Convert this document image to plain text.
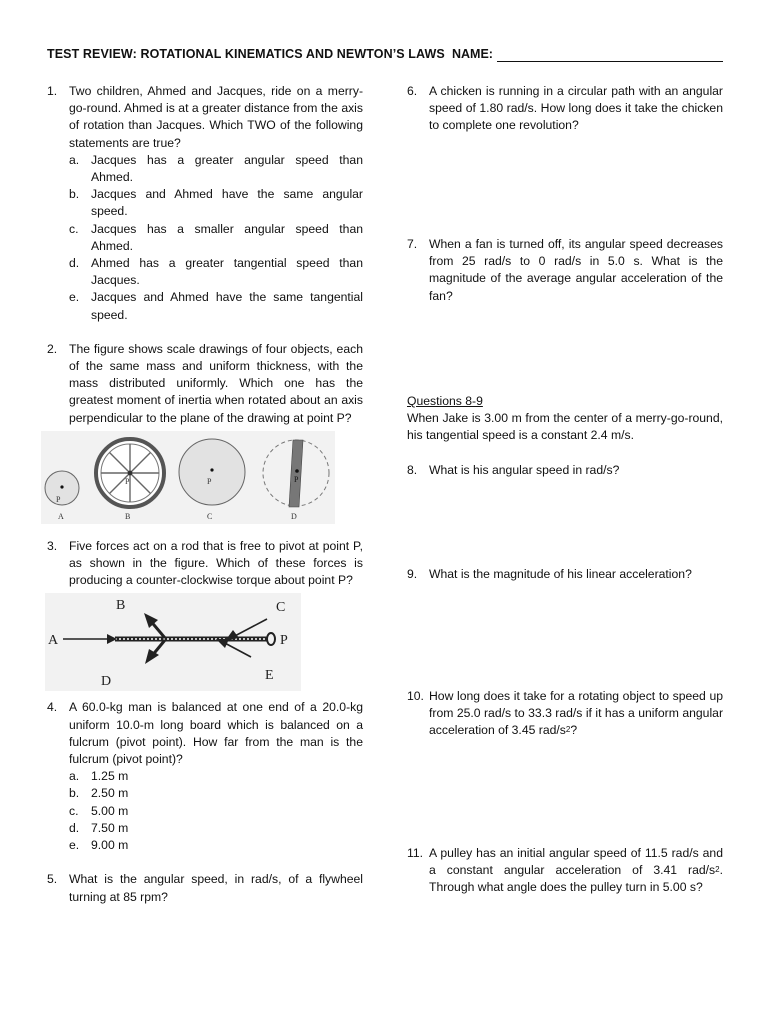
TEST REVIEW: ROTATIONAL KINEMATICS AND NEWTON’S LAWS NAME:
1. Two children, Ahmed and Jacques, ride on a merry-go-round. Ahmed is at a greater distance from the axis of rotation than Jacques. Which TWO of the following statements are true?
a. Jacques has a greater angular speed than Ahmed.
b. Jacques and Ahmed have the same angular speed.
c. Jacques has a smaller angular speed than Ahmed.
d. Ahmed has a greater tangential speed than Jacques.
e. Jacques and Ahmed have the same tangential speed.
2. The figure shows scale drawings of four objects, each of the same mass and uniform thickness, with the mass distributed uniformly. Which one has the greatest moment of inertia when rotated about an axis perpendicular to the plane of the drawing at point P?
P
A
P
B
P
C
P
D
3. Five forces act on a rod that is free to pivot at point P, as shown in the figure. Which of these forces is producing a counter-clockwise torque about point P?
A
B	C
D	E
P
4. A 60.0-kg man is balanced at one end of a 20.0-kg uniform 10.0-m long board which is balanced on a fulcrum (pivot point). How far from the man is the fulcrum (pivot point)?
a. 1.25 m
b. 2.50 m
c. 5.00 m
d. 7.50 m
e. 9.00 m
5. What is the angular speed, in rad/s, of a flywheel turning at 85 rpm?
6. A chicken is running in a circular path with an angular speed of 1.80 rad/s. How long does it take the chicken to complete one revolution?
7. When a fan is turned off, its angular speed decreases from 25 rad/s to 0 rad/s in 5.0 s. What is the magnitude of the average angular acceleration of the fan?
Questions 8-9
When Jake is 3.00 m from the center of a merry-go-round, his tangential speed is a constant 2.4 m/s.
8. What is his angular speed in rad/s?
9. What is the magnitude of his linear acceleration?
10. How long does it take for a rotating object to speed up from 25.0 rad/s to 33.3 rad/s if it has a uniform angular acceleration of 3.45 rad/$s^2$?
11. A pulley has an initial angular speed of 11.5 rad/s and a constant angular acceleration of 3.41 rad/$s^2$. Through what angle does the pulley turn in 5.00 s?
